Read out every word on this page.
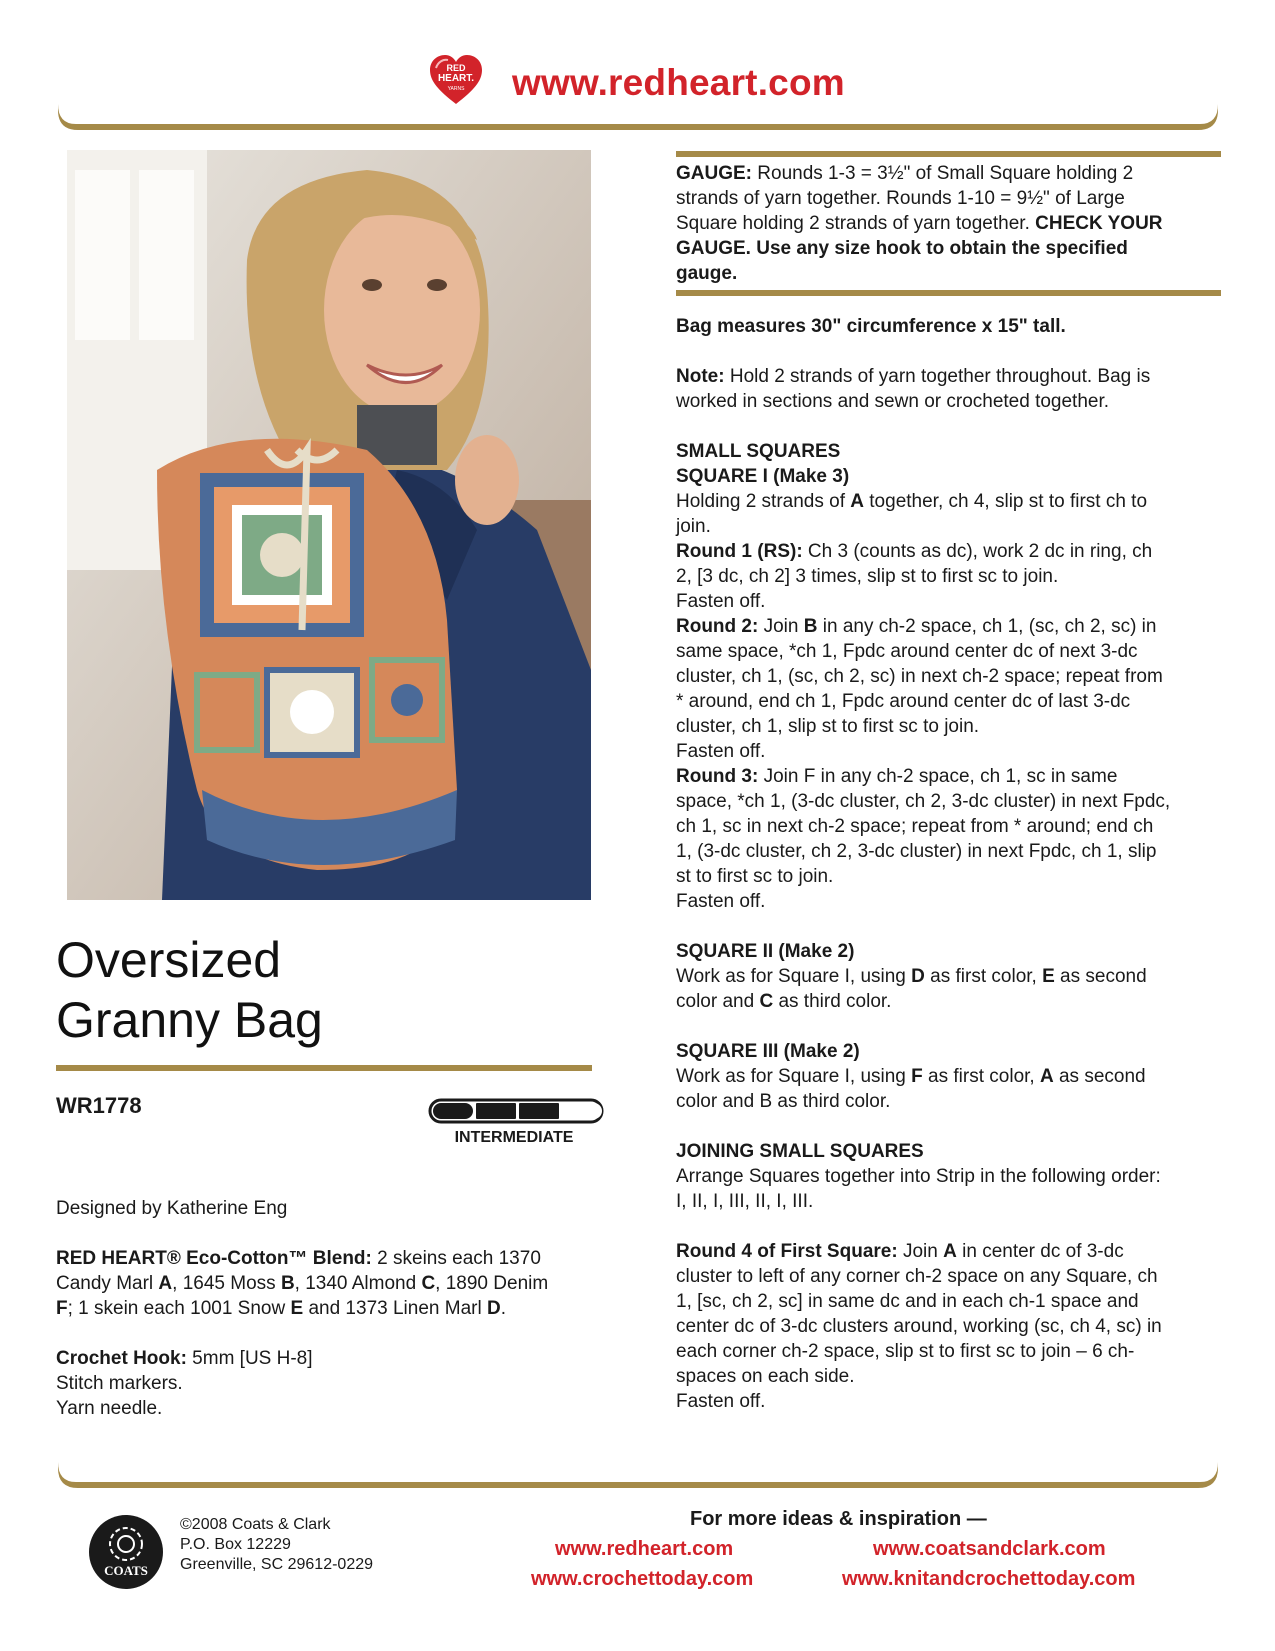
RED
HEART.
YARNS www.redheart.com
Oversized
Granny Bag
WR1778
INTERMEDIATE

Designed by Katherine Eng

RED HEART® Eco-Cotton™ Blend: 2 skeins each 1370
Candy Marl A, 1645 Moss B, 1340 Almond C, 1890 Denim
F; 1 skein each 1001 Snow E and 1373 Linen Marl D.

Crochet Hook: 5mm [US H-8]
Stitch markers.
Yarn needle.

GAUGE: Rounds 1-3 = 3½" of Small Square holding 2

strands of yarn together. Rounds 1-10 = 9½" of Large

Square holding 2 strands of yarn together. CHECK YOUR

GAUGE. Use any size hook to obtain the specified

gauge.

Bag measures 30" circumference x 15" tall.

Note: Hold 2 strands of yarn together throughout. Bag is

worked in sections and sewn or crocheted together.

SMALL SQUARES

SQUARE I (Make 3)

Holding 2 strands of A together, ch 4, slip st to first ch to

join.

Round 1 (RS): Ch 3 (counts as dc), work 2 dc in ring, ch

2, [3 dc, ch 2] 3 times, slip st to first sc to join.

Fasten off.

Round 2: Join B in any ch-2 space, ch 1, (sc, ch 2, sc) in

same space, *ch 1, Fpdc around center dc of next 3-dc

cluster, ch 1, (sc, ch 2, sc) in next ch-2 space; repeat from

* around, end ch 1, Fpdc around center dc of last 3-dc

cluster, ch 1, slip st to first sc to join.

Fasten off.

Round 3: Join F in any ch-2 space, ch 1, sc in same

space, *ch 1, (3-dc cluster, ch 2, 3-dc cluster) in next Fpdc,

ch 1, sc in next ch-2 space; repeat from * around; end ch

1, (3-dc cluster, ch 2, 3-dc cluster) in next Fpdc, ch 1, slip

st to first sc to join.

Fasten off.

SQUARE II (Make 2)

Work as for Square I, using D as first color, E as second

color and C as third color.

SQUARE III (Make 2)

Work as for Square I, using F as first color, A as second

color and B as third color.

JOINING SMALL SQUARES

Arrange Squares together into Strip in the following order:

I, II, I, III, II, I, III.

Round 4 of First Square: Join A in center dc of 3-dc

cluster to left of any corner ch-2 space on any Square, ch

1, [sc, ch 2, sc] in same dc and in each ch-1 space and

center dc of 3-dc clusters around, working (sc, ch 4, sc) in

each corner ch-2 space, slip st to first sc to join – 6 ch-

spaces on each side.

Fasten off.

COATS
©2008 Coats & Clark
P.O. Box 12229
Greenville, SC 29612-0229
For more ideas & inspiration —
www.redheart.com	www.coatsandclark.com
www.crochettoday.com	www.knitandcrochettoday.com
